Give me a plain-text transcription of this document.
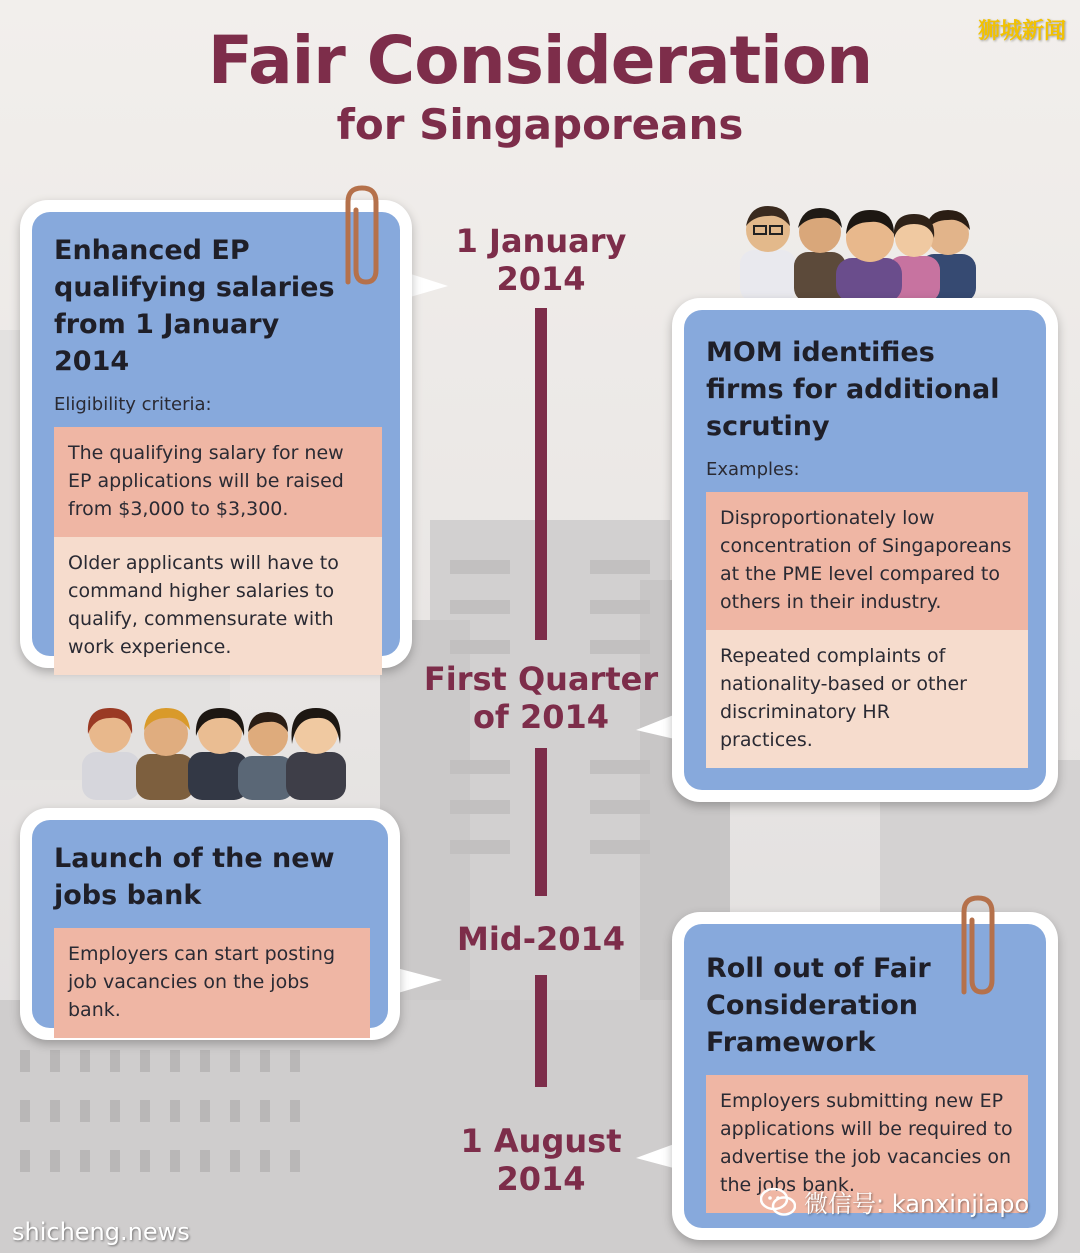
Fair Consideration
for Singaporeans
狮城新闻
1 January
2014
First Quarter
of 2014
Mid-2014
1 August
2014
Enhanced EP qualifying salaries from 1 January 2014
Eligibility criteria:
The qualifying salary for new EP applications will be raised from $3,000 to $3,300.
Older applicants will have to command higher salaries to qualify, commensurate with work experience.
MOM identifies firms for additional scrutiny
Examples:
Disproportionately low concentration of Singaporeans at the PME level compared to others in their industry.
Repeated complaints of nationality-based or other discriminatory HR practices.
Launch of the new jobs bank
Employers can start posting job vacancies on the jobs bank.
Roll out of Fair Consideration Framework
Employers submitting new EP applications will be required to advertise the job vacancies on the jobs bank.
shicheng.news
微信号: kanxinjiapo
